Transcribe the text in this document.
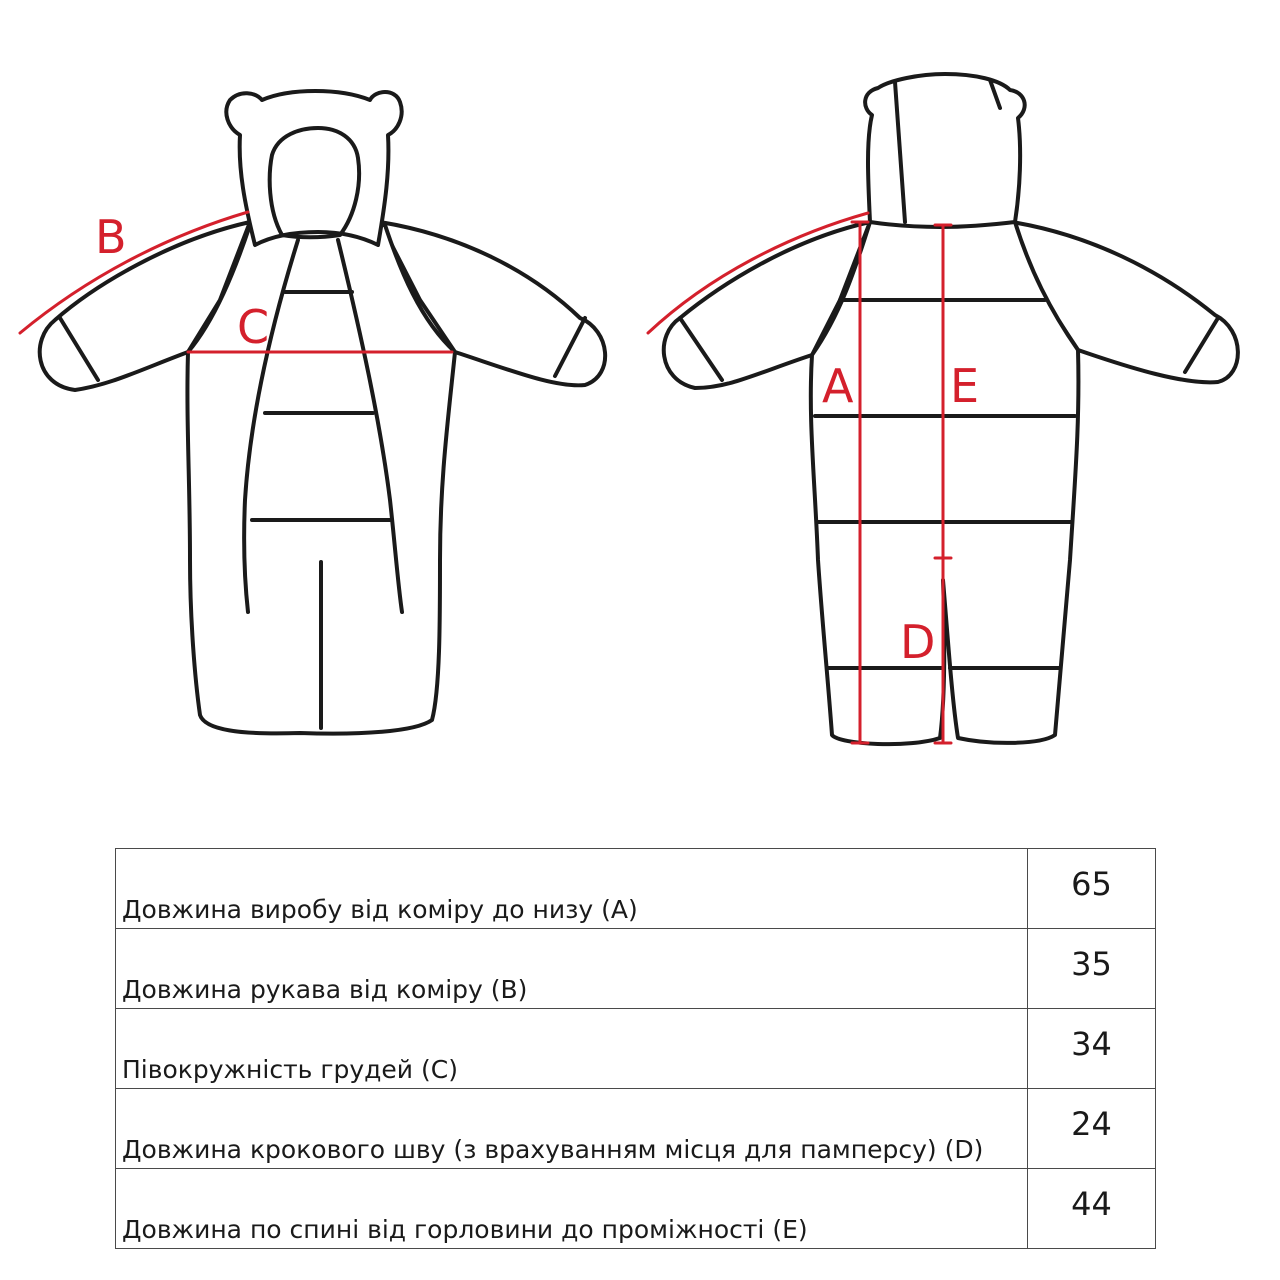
B
C
A E
D
Довжина виробу від коміру до низу (A)	65
Довжина рукава від коміру (B)	35
Півокружність грудей (C)	34
Довжина крокового шву (з врахуванням місця для памперсу) (D)	24
Довжина по спині від горловини до проміжності (E)	44
